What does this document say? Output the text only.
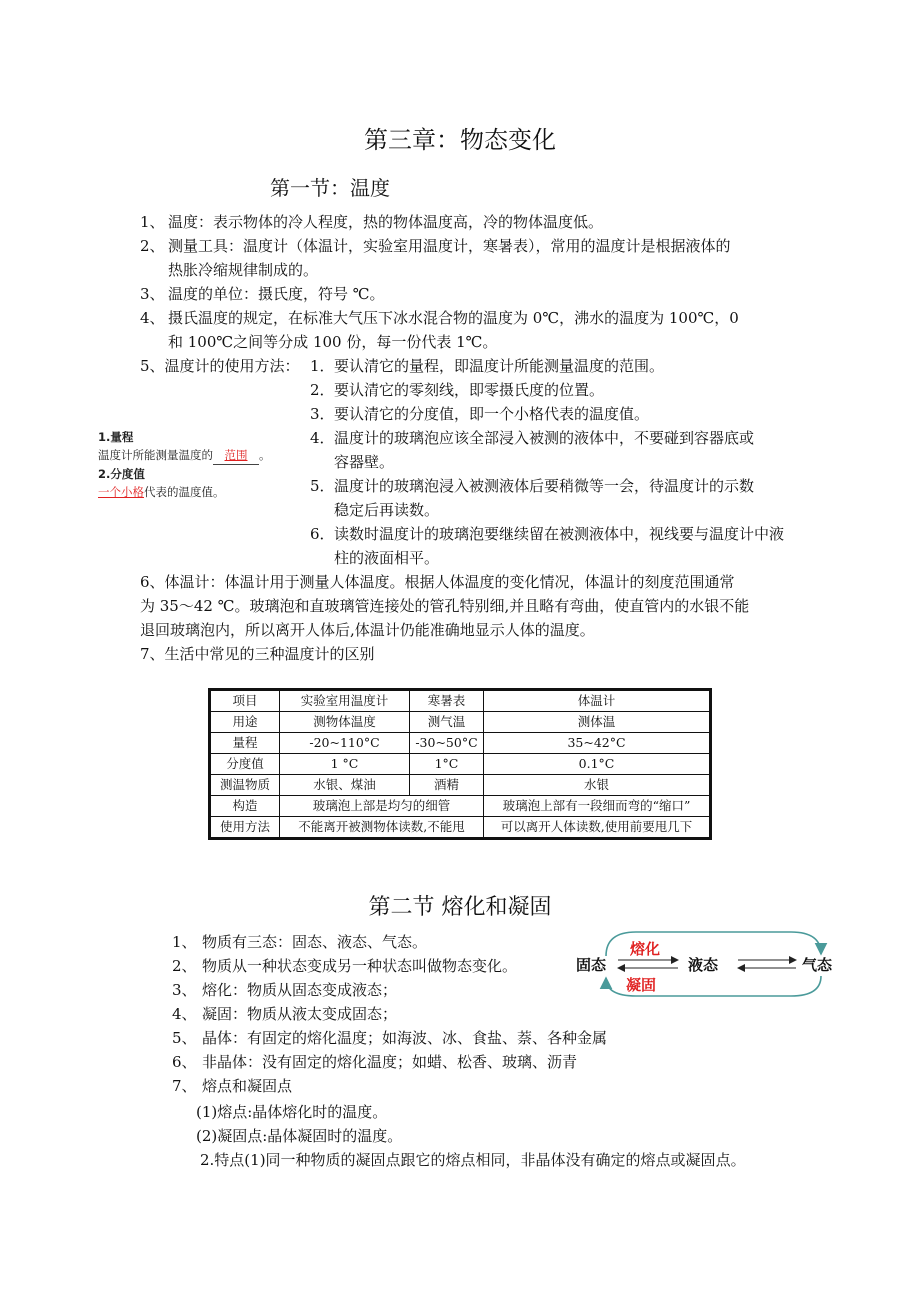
第三章：物态变化
第一节：温度
1、 温度：表示物体的冷人程度，热的物体温度高，冷的物体温度低。
2、 测量工具：温度计（体温计，实验室用温度计，寒暑表），常用的温度计是根据液体的
热胀冷缩规律制成的。
3、 温度的单位：摄氏度，符号 ℃。
4、 摄氏温度的规定，在标准大气压下冰水混合物的温度为 0℃，沸水的温度为 100℃，0
和 100℃之间等分成 100 份，每一份代表 1℃。
5、温度计的使用方法： 1． 要认清它的量程，即温度计所能测量温度的范围。
2． 要认清它的零刻线，即零摄氏度的位置。
3． 要认清它的分度值，即一个小格代表的温度值。
4． 温度计的玻璃泡应该全部浸入被测的液体中，不要碰到容器底或
容器壁。
5． 温度计的玻璃泡浸入被测液体后要稍微等一会，待温度计的示数
稳定后再读数。
6． 读数时温度计的玻璃泡要继续留在被测液体中，视线要与温度计中液
柱的液面相平。
1.量程
温度计所能测量温度的 范围 。
2.分度值
一个小格代表的温度值。
6、体温计：体温计用于测量人体温度。根据人体温度的变化情况，体温计的刻度范围通常
为 35～42 ℃。玻璃泡和直玻璃管连接处的管孔特别细,并且略有弯曲，使直管内的水银不能
退回玻璃泡内，所以离开人体后,体温计仍能准确地显示人体的温度。
7、生活中常见的三种温度计的区别
项目	实验室用温度计	寒暑表	体温计
用途	测物体温度	测气温	测体温
量程	-20~110°C	-30~50°C	35~42°C
分度值	1 °C	1°C	0.1°C
测温物质	水银、煤油	酒精	水银
构造	玻璃泡上部是均匀的细管		玻璃泡上部有一段细而弯的“缩口”
使用方法	不能离开被测物体读数,不能甩		可以离开人体读数,使用前要甩几下
第二节 熔化和凝固
1、 物质有三态：固态、液态、气态。
2、 物质从一种状态变成另一种状态叫做物态变化。
3、 熔化：物质从固态变成液态；
4、 凝固：物质从液太变成固态；
5、 晶体：有固定的熔化温度；如海波、冰、食盐、萘、各种金属
6、 非晶体：没有固定的熔化温度；如蜡、松香、玻璃、沥青
7、 熔点和凝固点
(1)熔点:晶体熔化时的温度。
(2)凝固点:晶体凝固时的温度。
2.特点(1)同一种物质的凝固点跟它的熔点相同，非晶体没有确定的熔点或凝固点。
固态
熔化
凝固
液态	气态
